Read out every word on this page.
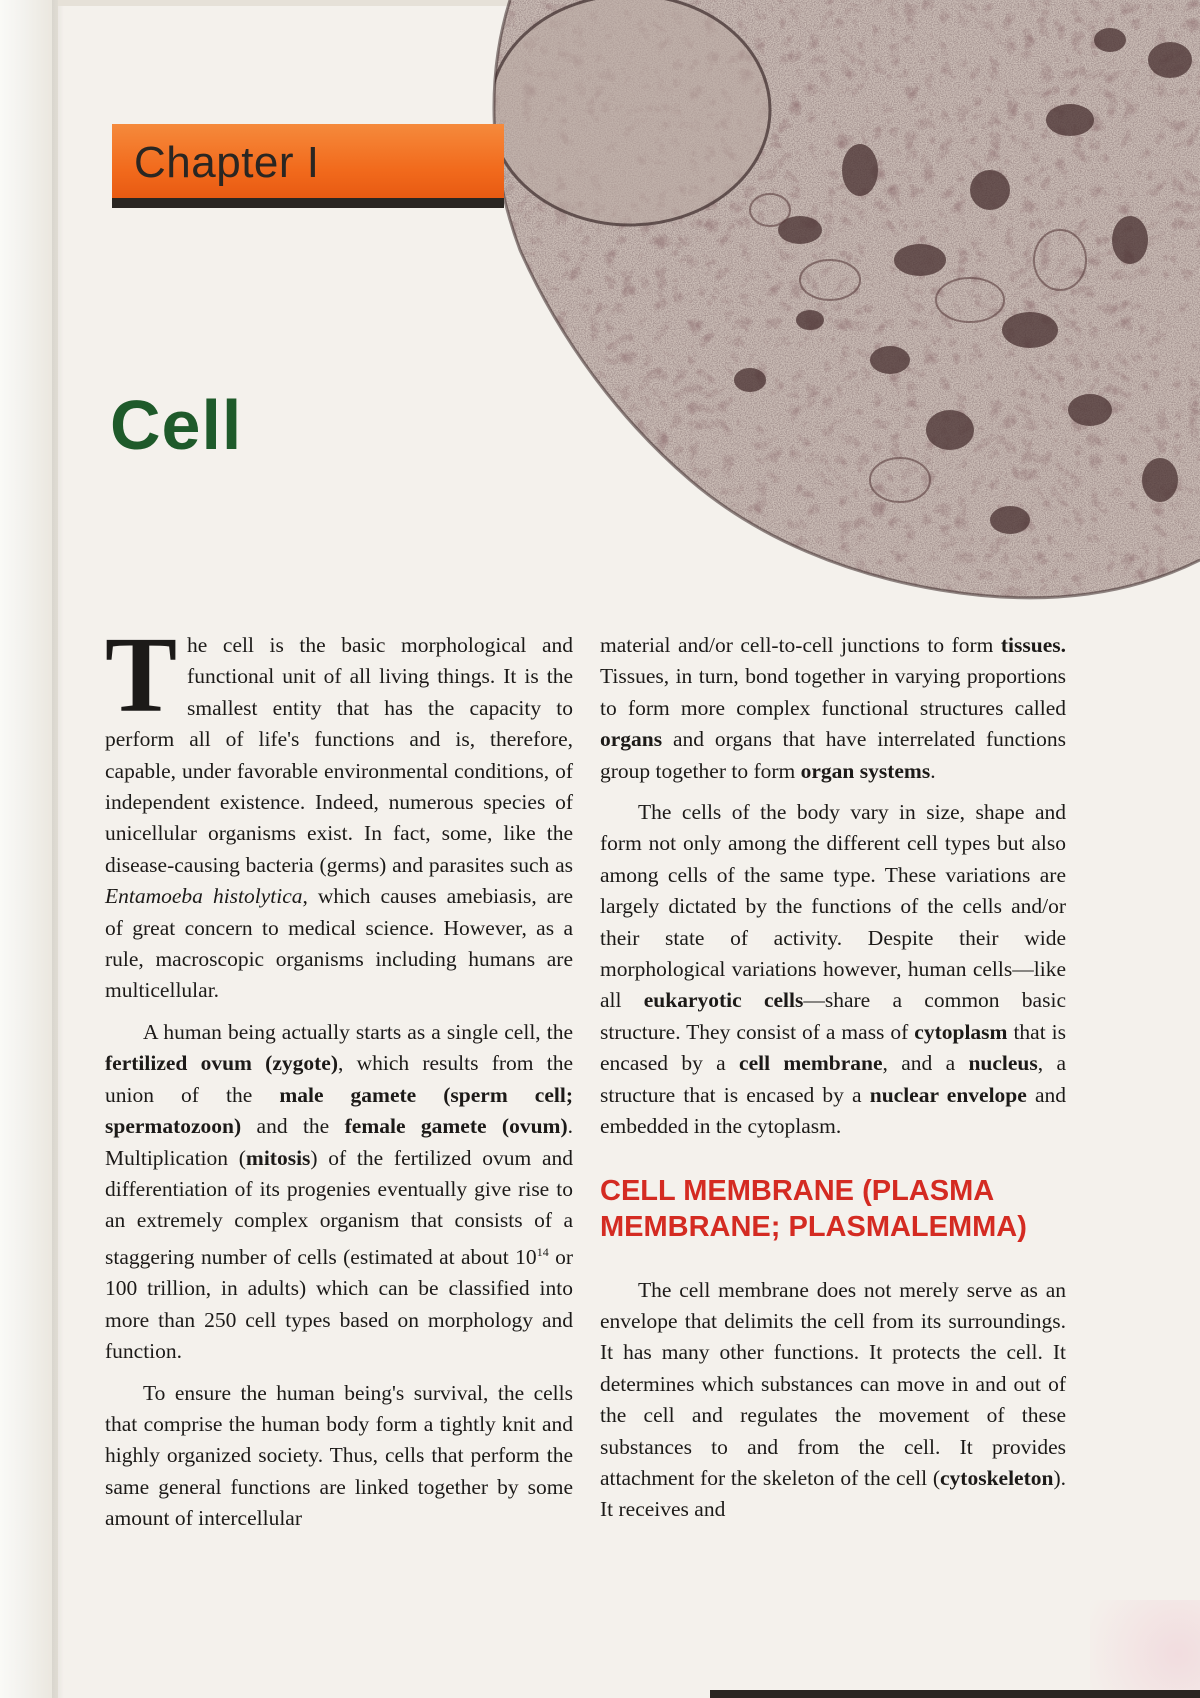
Chapter I
Cell

The cell is the basic morphological and functional unit of all living things. It is the smallest entity that has the capacity to perform all of life's functions and is, therefore, capable, under favorable environmental conditions, of independent existence. Indeed, numerous species of unicellular organisms exist. In fact, some, like the disease-causing bacteria (germs) and parasites such as Entamoeba histolytica, which causes amebiasis, are of great concern to medical science. However, as a rule, macroscopic organisms including humans are multicellular.

A human being actually starts as a single cell, the fertilized ovum (zygote), which results from the union of the male gamete (sperm cell; spermatozoon) and the female gamete (ovum). Multiplication (mitosis) of the fertilized ovum and differentiation of its progenies eventually give rise to an extremely complex organism that consists of a staggering number of cells (estimated at about $10^{14}$ or 100 trillion, in adults) which can be classified into more than 250 cell types based on morphology and function.

To ensure the human being's survival, the cells that comprise the human body form a tightly knit and highly organized society. Thus, cells that perform the same general functions are linked together by some amount of intercellular

material and/or cell-to-cell junctions to form tissues. Tissues, in turn, bond together in varying proportions to form more complex functional structures called organs and organs that have interrelated functions group together to form organ systems.

The cells of the body vary in size, shape and form not only among the different cell types but also among cells of the same type. These variations are largely dictated by the functions of the cells and/or their state of activity. Despite their wide morphological variations however, human cells—like all eukaryotic cells—share a common basic structure. They consist of a mass of cytoplasm that is encased by a cell membrane, and a nucleus, a structure that is encased by a nuclear envelope and embedded in the cytoplasm.

CELL MEMBRANE (PLASMA MEMBRANE; PLASMALEMMA)

The cell membrane does not merely serve as an envelope that delimits the cell from its surroundings. It has many other functions. It protects the cell. It determines which substances can move in and out of the cell and regulates the movement of these substances to and from the cell. It provides attachment for the skeleton of the cell (cytoskeleton). It receives and
